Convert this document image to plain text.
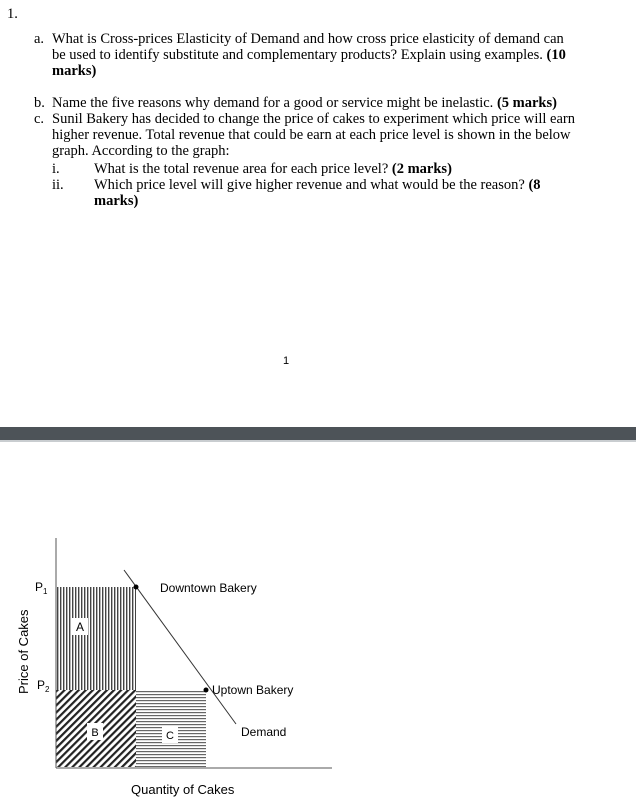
1.
a. What is Cross-prices Elasticity of Demand and how cross price elasticity of demand can be used to identify substitute and complementary products? Explain using examples. (10 marks)
b. Name the five reasons why demand for a good or service might be inelastic. (5 marks)
c. Sunil Bakery has decided to change the price of cakes to experiment which price will earn higher revenue. Total revenue that could be earn at each price level is shown in the below graph. According to the graph:
i. What is the total revenue area for each price level? (2 marks)
ii. Which price level will give higher revenue and what would be the reason? (8 marks)
1
A
B	C
$P_1$
$P_2$
Downtown Bakery
Uptown Bakery
Demand
Price of Cakes
Quantity of Cakes
